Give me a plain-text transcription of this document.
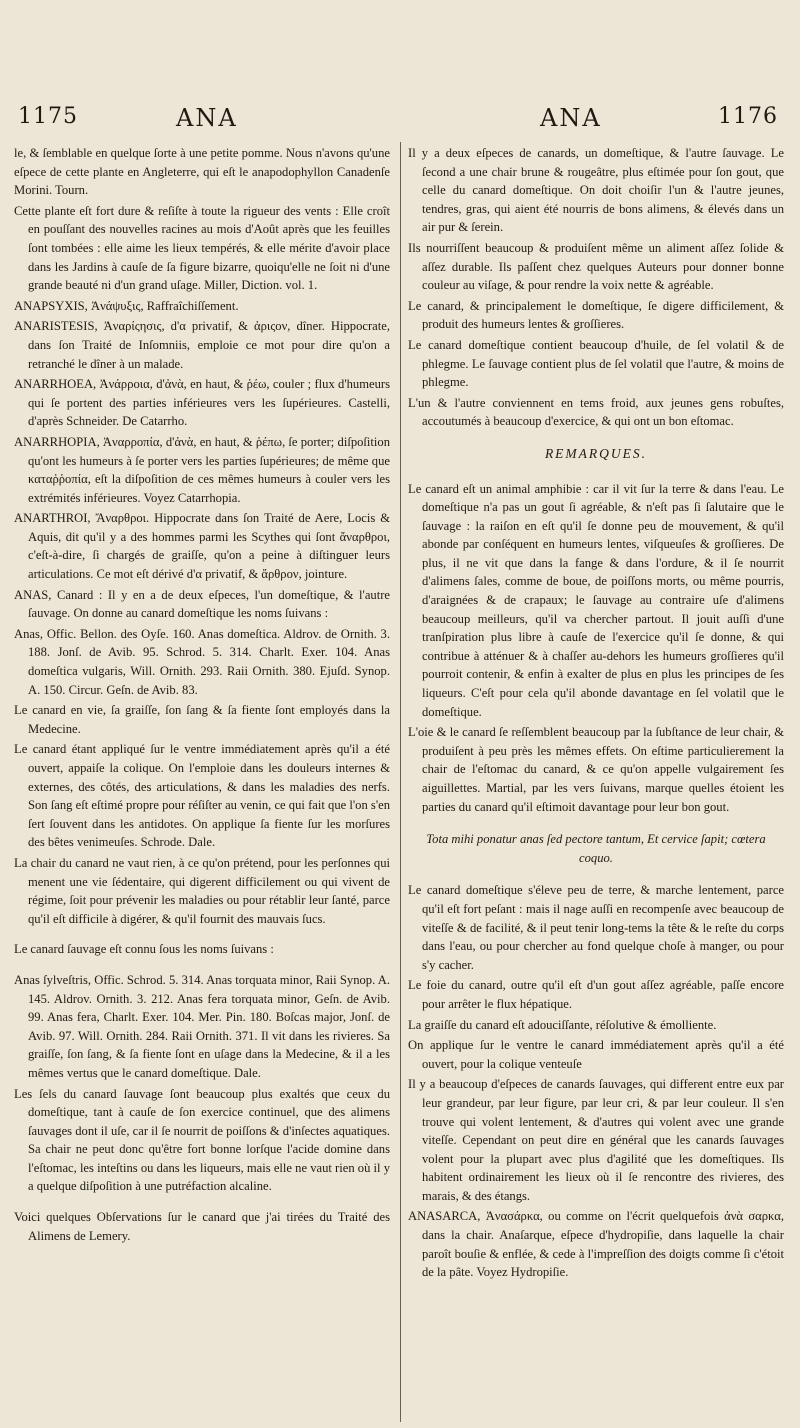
1175	ANA	ANA	1176

le, & ſemblable en quelque ſorte à une petite pomme. Nous n'avons qu'une eſpece de cette plante en Angleterre, qui eſt le anapodophyllon Canadenſe Morini. Tourn.

Cette plante eſt fort dure & reſiſte à toute la rigueur des vents : Elle croît en pouſſant des nouvelles racines au mois d'Août après que les feuilles ſont tombées : elle aime les lieux tempérés, & elle mérite d'avoir place dans les Jardins à cauſe de ſa figure bizarre, quoiqu'elle ne ſoit ni d'une grande beauté ni d'un grand uſage. Miller, Diction. vol. 1.

ANAPSYXIS, Ἀνάψυξις, Raffraîchiſſement.

ANARISTESIS, Ἀναρίςησις, d'α privatif, & ἀριςον, dîner. Hippocrate, dans ſon Traité de Inſomniis, emploie ce mot pour dire qu'on a retranché le dîner à un malade.

ANARRHOEA, Ἀνάρροια, d'ἀνὰ, en haut, & ῥέω, couler ; flux d'humeurs qui ſe portent des parties inférieures vers les ſupérieures. Castelli, d'après Schneider. De Catarrho.

ANARRHOPIA, Ἀναρροπία, d'ἀνὰ, en haut, & ῥέπω, ſe porter; diſpoſition qu'ont les humeurs à ſe porter vers les parties ſupérieures; de même que καταῤῥοπία, eſt la diſpoſition de ces mêmes humeurs à couler vers les extrémités inférieures. Voyez Catarrhopia.

ANARTHROI, Ἄναρθροι. Hippocrate dans ſon Traité de Aere, Locis & Aquis, dit qu'il y a des hommes parmi les Scythes qui ſont ἄναρθροι, c'eſt-à-dire, ſi chargés de graiſſe, qu'on a peine à diſtinguer leurs articulations. Ce mot eſt dérivé d'α privatif, & ἄρθρον, jointure.

ANAS, Canard : Il y en a de deux eſpeces, l'un domeſtique, & l'autre ſauvage. On donne au canard domeſtique les noms ſuivans :

Anas, Offic. Bellon. des Oyſe. 160. Anas domeſtica. Aldrov. de Ornith. 3. 188. Jonſ. de Avib. 95. Schrod. 5. 314. Charlt. Exer. 104. Anas domeſtica vulgaris, Will. Ornith. 293. Raii Ornith. 380. Ejuſd. Synop. A. 150. Circur. Geſn. de Avib. 83.

Le canard en vie, ſa graiſſe, ſon ſang & ſa fiente ſont employés dans la Medecine.

Le canard étant appliqué ſur le ventre immédiatement après qu'il a été ouvert, appaiſe la colique. On l'emploie dans les douleurs internes & externes, des côtés, des articulations, & dans les maladies des nerfs. Son ſang eſt eſtimé propre pour réſiſter au venin, ce qui fait que l'on s'en ſert ſouvent dans les antidotes. On applique ſa fiente ſur les morſures des bêtes venimeuſes. Schrode. Dale.

La chair du canard ne vaut rien, à ce qu'on prétend, pour les perſonnes qui menent une vie ſédentaire, qui digerent difficilement ou qui vivent de régime, ſoit pour prévenir les maladies ou pour rétablir leur ſanté, parce qu'il eſt difficile à digérer, & qu'il fournit des mauvais ſucs.

Le canard ſauvage eſt connu ſous les noms ſuivans :

Anas ſylveſtris, Offic. Schrod. 5. 314. Anas torquata minor, Raii Synop. A. 145. Aldrov. Ornith. 3. 212. Anas fera torquata minor, Geſn. de Avib. 99. Anas fera, Charlt. Exer. 104. Mer. Pin. 180. Boſcas major, Jonſ. de Avib. 97. Will. Ornith. 284. Raii Ornith. 371. Il vit dans les rivieres. Sa graiſſe, ſon ſang, & ſa fiente ſont en uſage dans la Medecine, & il a les mêmes vertus que le canard domeſtique. Dale.

Les ſels du canard ſauvage ſont beaucoup plus exaltés que ceux du domeſtique, tant à cauſe de ſon exercice continuel, que des alimens ſauvages dont il uſe, car il ſe nourrit de poiſſons & d'inſectes aquatiques. Sa chair ne peut donc qu'être fort bonne lorſque l'acide domine dans l'eſtomac, les inteſtins ou dans les liqueurs, mais elle ne vaut rien où il y a quelque diſpoſition à une putréfaction alcaline.

Voici quelques Obſervations ſur le canard que j'ai tirées du Traité des Alimens de Lemery.

Il y a deux eſpeces de canards, un domeſtique, & l'autre ſauvage. Le ſecond a une chair brune & rougeâtre, plus eſtimée pour ſon gout, que celle du canard domeſtique. On doit choiſir l'un & l'autre jeunes, tendres, gras, qui aient été nourris de bons alimens, & élevés dans un air pur & ſerein.

Ils nourriſſent beaucoup & produiſent même un aliment aſſez ſolide & aſſez durable. Ils paſſent chez quelques Auteurs pour donner bonne couleur au viſage, & pour rendre la voix nette & agréable.

Le canard, & principalement le domeſtique, ſe digere difficilement, & produit des humeurs lentes & groſſieres.

Le canard domeſtique contient beaucoup d'huile, de ſel volatil & de phlegme. Le ſauvage contient plus de ſel volatil que l'autre, & moins de phlegme.

L'un & l'autre conviennent en tems froid, aux jeunes gens robuſtes, accoutumés à beaucoup d'exercice, & qui ont un bon eſtomac.

REMARQUES.

Le canard eſt un animal amphibie : car il vit ſur la terre & dans l'eau. Le domeſtique n'a pas un gout ſi agréable, & n'eſt pas ſi ſalutaire que le ſauvage : la raiſon en eſt qu'il ſe donne peu de mouvement, & qu'il abonde par conſéquent en humeurs lentes, viſqueuſes & groſſieres. De plus, il ne vit que dans la fange & dans l'ordure, & il ſe nourrit d'alimens ſales, comme de boue, de poiſſons morts, ou même pourris, d'araignées & de crapaux; le ſauvage au contraire uſe d'alimens beaucoup meilleurs, qu'il va chercher partout. Il jouit auſſi d'une tranſpiration plus libre à cauſe de l'exercice qu'il ſe donne, & qui contribue à atténuer & à chaſſer au-dehors les humeurs groſſieres qu'il pourroit contenir, & enfin à exalter de plus en plus les principes de ſes liqueurs. C'eſt pour cela qu'il abonde davantage en ſel volatil que le domeſtique.

L'oie & le canard ſe reſſemblent beaucoup par la ſubſtance de leur chair, & produiſent à peu près les mêmes effets. On eſtime particulierement la chair de l'eſtomac du canard, & ce qu'on appelle vulgairement ſes aiguillettes. Martial, par les vers ſuivans, marque quelles étoient les parties du canard qu'il eſtimoit davantage pour leur bon gout.

Tota mihi ponatur anas ſed pectore tantum, Et cervice ſapit; cœtera coquo.

Le canard domeſtique s'éleve peu de terre, & marche lentement, parce qu'il eſt fort peſant : mais il nage auſſi en recompenſe avec beaucoup de viteſſe & de facilité, & il peut tenir long-tems la tête & le reſte du corps dans l'eau, ou pour chercher au fond quelque choſe à manger, ou pour s'y cacher.

Le foie du canard, outre qu'il eſt d'un gout aſſez agréable, paſſe encore pour arrêter le flux hépatique.

La graiſſe du canard eſt adouciſſante, réſolutive & émolliente.

On applique ſur le ventre le canard immédiatement après qu'il a été ouvert, pour la colique venteuſe

Il y a beaucoup d'eſpeces de canards ſauvages, qui different entre eux par leur grandeur, par leur figure, par leur cri, & par leur couleur. Il s'en trouve qui volent lentement, & d'autres qui volent avec une grande viteſſe. Cependant on peut dire en général que les canards ſauvages volent pour la plupart avec plus d'agilité que les domeſtiques. Ils habitent ordinairement les lieux où il ſe rencontre des rivieres, des marais, & des étangs.

ANASARCA, Ἀνασάρκα, ou comme on l'écrit quelquefois ἀνὰ σαρκα, dans la chair. Anaſarque, eſpece d'hydropiſie, dans laquelle la chair paroît bouſie & enflée, & cede à l'impreſſion des doigts comme ſi c'étoit de la pâte. Voyez Hydropiſie.
